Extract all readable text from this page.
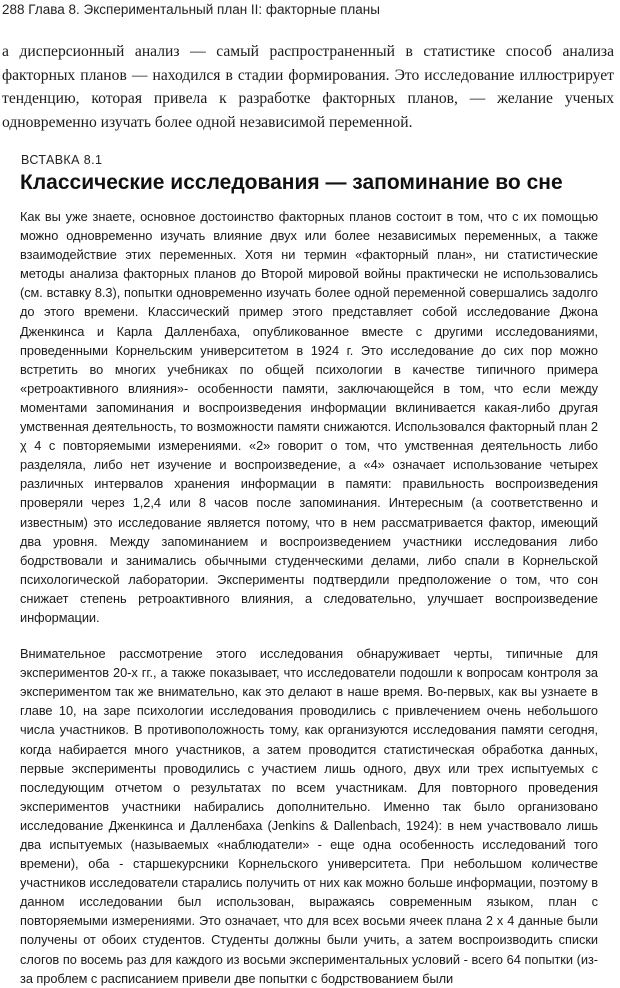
288 Глава 8. Экспериментальный план II: факторные планы
а дисперсионный анализ — самый распространенный в статистике способ анализа факторных планов — находился в стадии формирования. Это исследование иллюстрирует тенденцию, которая привела к разработке факторных планов, — желание ученых одновременно изучать более одной независимой переменной.
ВСТАВКА 8.1
Классические исследования — запоминание во сне

Как вы уже знаете, основное достоинство факторных планов состоит в том, что с их помощью можно одновременно изучать влияние двух или более независимых переменных, а также взаимодействие этих переменных. Хотя ни термин «факторный план», ни статистические методы анализа факторных планов до Второй мировой войны практически не использовались (см. вставку 8.3), попытки одновременно изучать более одной переменной совершались задолго до этого времени. Классический пример этого представляет собой исследование Джона Дженкинса и Карла Далленбаха, опубликованное вместе с другими исследованиями, проведенными Корнельским университетом в 1924 г. Это исследование до сих пор можно встретить во многих учебниках по общей психологии в качестве типичного примера «ретроактивного влияния»- особенности памяти, заключающейся в том, что если между моментами запоминания и воспроизведения информации вклинивается какая-либо другая умственная деятельность, то возможности памяти снижаются. Использовался факторный план 2 χ 4 с повторяемыми измерениями. «2» говорит о том, что умственная деятельность либо разделяла, либо нет изучение и воспроизведение, а «4» означает использование четырех различных интервалов хранения информации в памяти: правильность воспроизведения проверяли через 1,2,4 или 8 часов после запоминания. Интересным (а соответственно и известным) это исследование является потому, что в нем рассматривается фактор, имеющий два уровня. Между запоминанием и воспроизведением участники исследования либо бодрствовали и занимались обычными студенческими делами, либо спали в Корнельской психологической лаборатории. Эксперименты подтвердили предположение о том, что сон снижает степень ретроактивного влияния, а следовательно, улучшает воспроизведение информации.

Внимательное рассмотрение этого исследования обнаруживает черты, типичные для экспериментов 20-х гг., а также показывает, что исследователи подошли к вопросам контроля за экспериментом так же внимательно, как это делают в наше время. Во-первых, как вы узнаете в главе 10, на заре психологии исследования проводились с привлечением очень небольшого числа участников. В противоположность тому, как организуются исследования памяти сегодня, когда набирается много участников, а затем проводится статистическая обработка данных, первые эксперименты проводились с участием лишь одного, двух или трех испытуемых с последующим отчетом о результатах по всем участникам. Для повторного проведения экспериментов участники набирались дополнительно. Именно так было организовано исследование Дженкинса и Далленбаха (Jenkins & Dallenbach, 1924): в нем участвовало лишь два испытуемых (называемых «наблюдатели» - еще одна особенность исследований того времени), оба - старшекурсники Корнельского университета. При небольшом количестве участников исследователи старались получить от них как можно больше информации, поэтому в данном исследовании был использован, выражаясь современным языком, план с повторяемыми измерениями. Это означает, что для всех восьми ячеек плана 2 x 4 данные были получены от обоих студентов. Студенты должны были учить, а затем воспроизводить списки слогов по восемь раз для каждого из восьми экспериментальных условий - всего 64 попытки (из-за проблем с расписанием привели две попытки с бодрствованием были
